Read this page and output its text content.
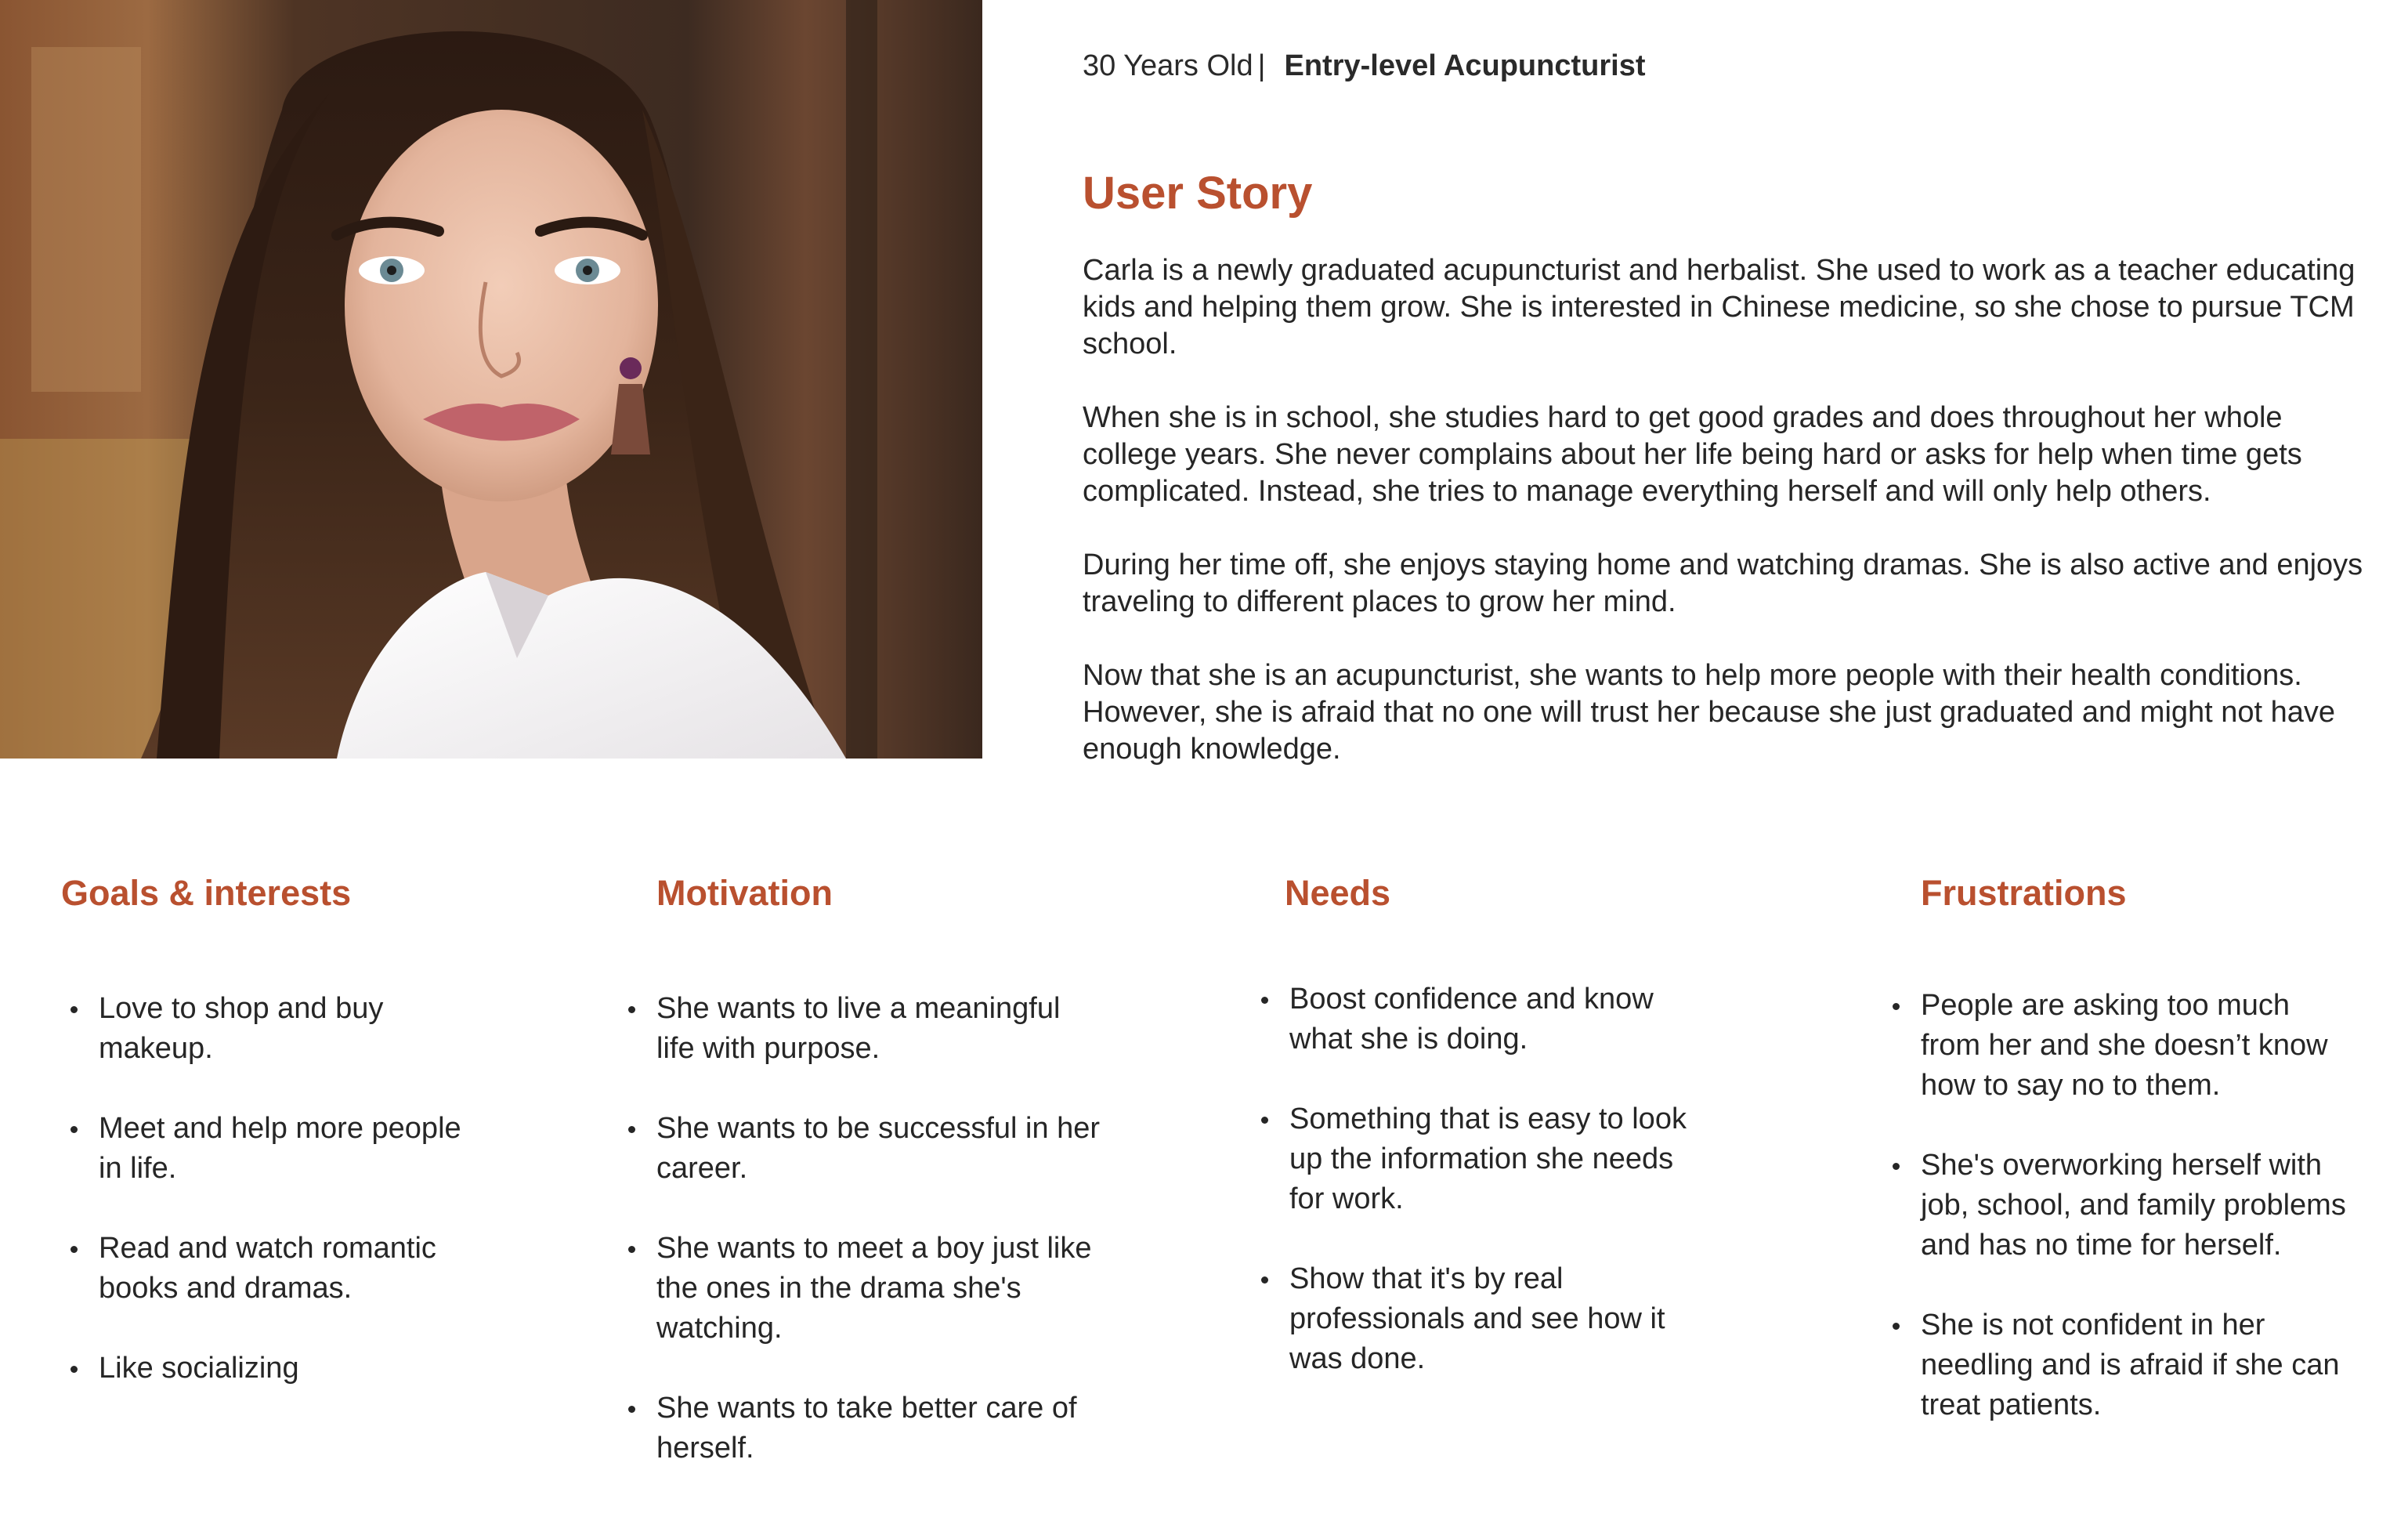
30 Years Old | Entry-level Acupuncturist
User Story

Carla is a newly graduated acupuncturist and herbalist. She used to work as a teacher educating kids and helping them grow. She is interested in Chinese medicine, so she chose to pursue TCM school.

When she is in school, she studies hard to get good grades and does throughout her whole college years. She never complains about her life being hard or asks for help when time gets complicated. Instead, she tries to manage everything herself and will only help others.

During her time off, she enjoys staying home and watching dramas. She is also active and enjoys traveling to different places to grow her mind.

Now that she is an acupuncturist, she wants to help more people with their health conditions. However, she is afraid that no one will trust her because she just graduated and might not have enough knowledge.

Goals & interests
Love to shop and buy makeup.
Meet and help more people in life.
Read and watch romantic books and dramas.
Like socializing
Motivation
She wants to live a meaningful life with purpose.
She wants to be successful in her career.
She wants to meet a boy just like the ones in the drama she's watching.
She wants to take better care of herself.
Needs
Boost confidence and know what she is doing.
Something that is easy to look up the information she needs for work.
Show that it's by real professionals and see how it was done.
Frustrations
People are asking too much from her and she doesn’t know how to say no to them.
She's overworking herself with job, school, and family problems and has no time for herself.
She is not confident in her needling and is afraid if she can treat patients.
